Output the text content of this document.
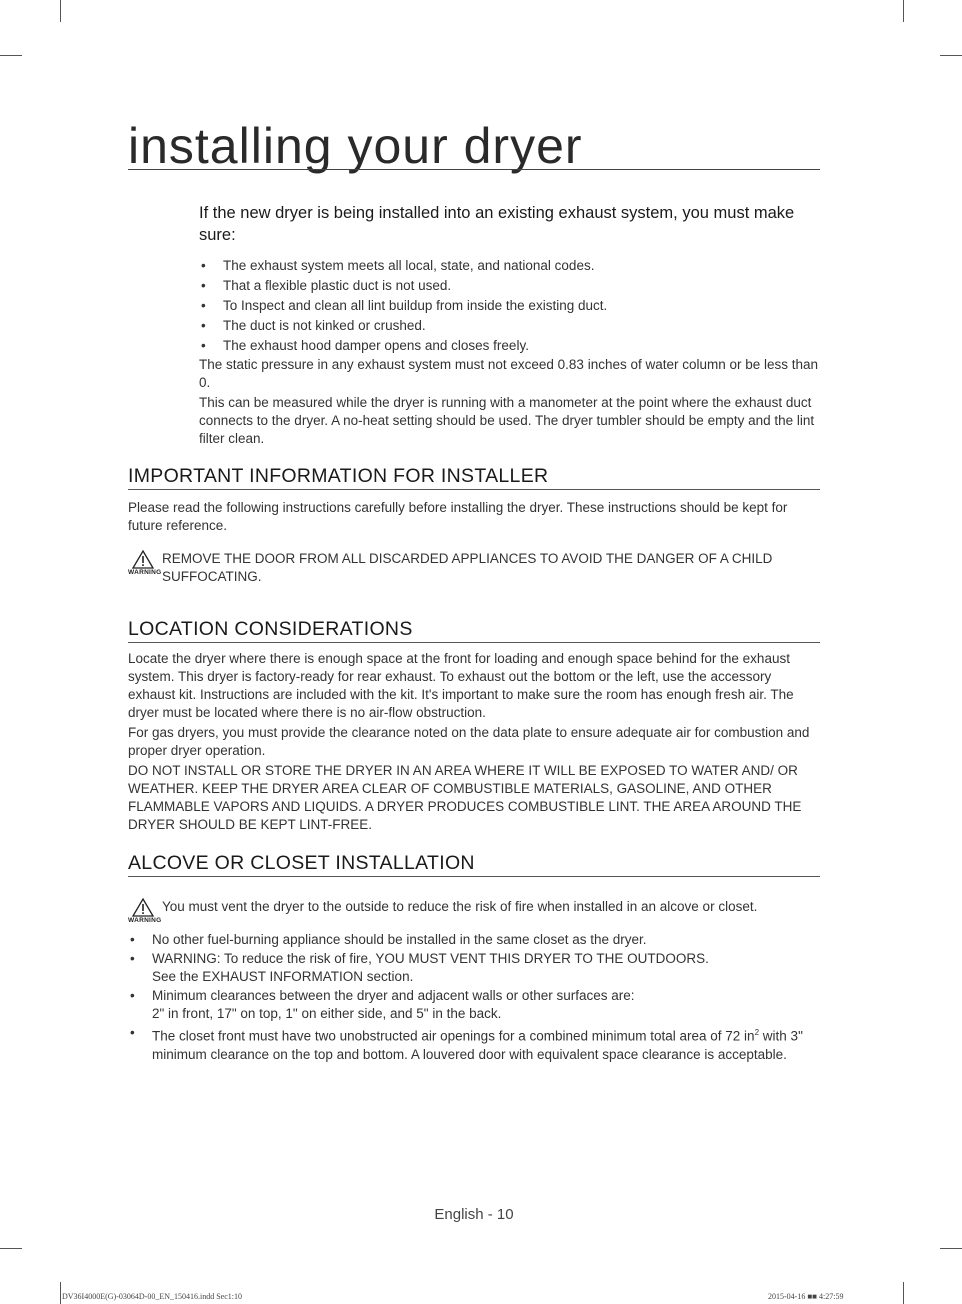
installing your dryer

If the new dryer is being installed into an existing exhaust system, you must make sure:

• The exhaust system meets all local, state, and national codes.
• That a flexible plastic duct is not used.
• To Inspect and clean all lint buildup from inside the existing duct.
• The duct is not kinked or crushed.
• The exhaust hood damper opens and closes freely.

The static pressure in any exhaust system must not exceed 0.83 inches of water column or be less than 0.

This can be measured while the dryer is running with a manometer at the point where the exhaust duct connects to the dryer. A no-heat setting should be used. The dryer tumbler should be empty and the lint filter clean.

IMPORTANT INFORMATION FOR INSTALLER

Please read the following instructions carefully before installing the dryer. These instructions should be kept for future reference.

WARNING
REMOVE THE DOOR FROM ALL DISCARDED APPLIANCES TO AVOID THE DANGER OF A CHILD SUFFOCATING.
LOCATION CONSIDERATIONS

Locate the dryer where there is enough space at the front for loading and enough space behind for the exhaust system. This dryer is factory-ready for rear exhaust. To exhaust out the bottom or the left, use the accessory exhaust kit. Instructions are included with the kit. It's important to make sure the room has enough fresh air. The dryer must be located where there is no air-flow obstruction.

For gas dryers, you must provide the clearance noted on the data plate to ensure adequate air for combustion and proper dryer operation.

DO NOT INSTALL OR STORE THE DRYER IN AN AREA WHERE IT WILL BE EXPOSED TO WATER AND/ OR WEATHER. KEEP THE DRYER AREA CLEAR OF COMBUSTIBLE MATERIALS, GASOLINE, AND OTHER FLAMMABLE VAPORS AND LIQUIDS. A DRYER PRODUCES COMBUSTIBLE LINT. THE AREA AROUND THE DRYER SHOULD BE KEPT LINT-FREE.

ALCOVE OR CLOSET INSTALLATION
WARNING
You must vent the dryer to the outside to reduce the risk of fire when installed in an alcove or closet.
• No other fuel-burning appliance should be installed in the same closet as the dryer.
• WARNING: To reduce the risk of fire, YOU MUST VENT THIS DRYER TO THE OUTDOORS.
See the EXHAUST INFORMATION section.
• Minimum clearances between the dryer and adjacent walls or other surfaces are:
2" in front, 17" on top, 1" on either side, and 5" in the back.
• The closet front must have two unobstructed air openings for a combined minimum total area of 72 $in^2$ with 3" minimum clearance on the top and bottom. A louvered door with equivalent space clearance is acceptable.
English - 10
DV36I4000E(G)-03064D-00_EN_150416.indd Sec1:10	2015-04-16 ■■ 4:27:59
